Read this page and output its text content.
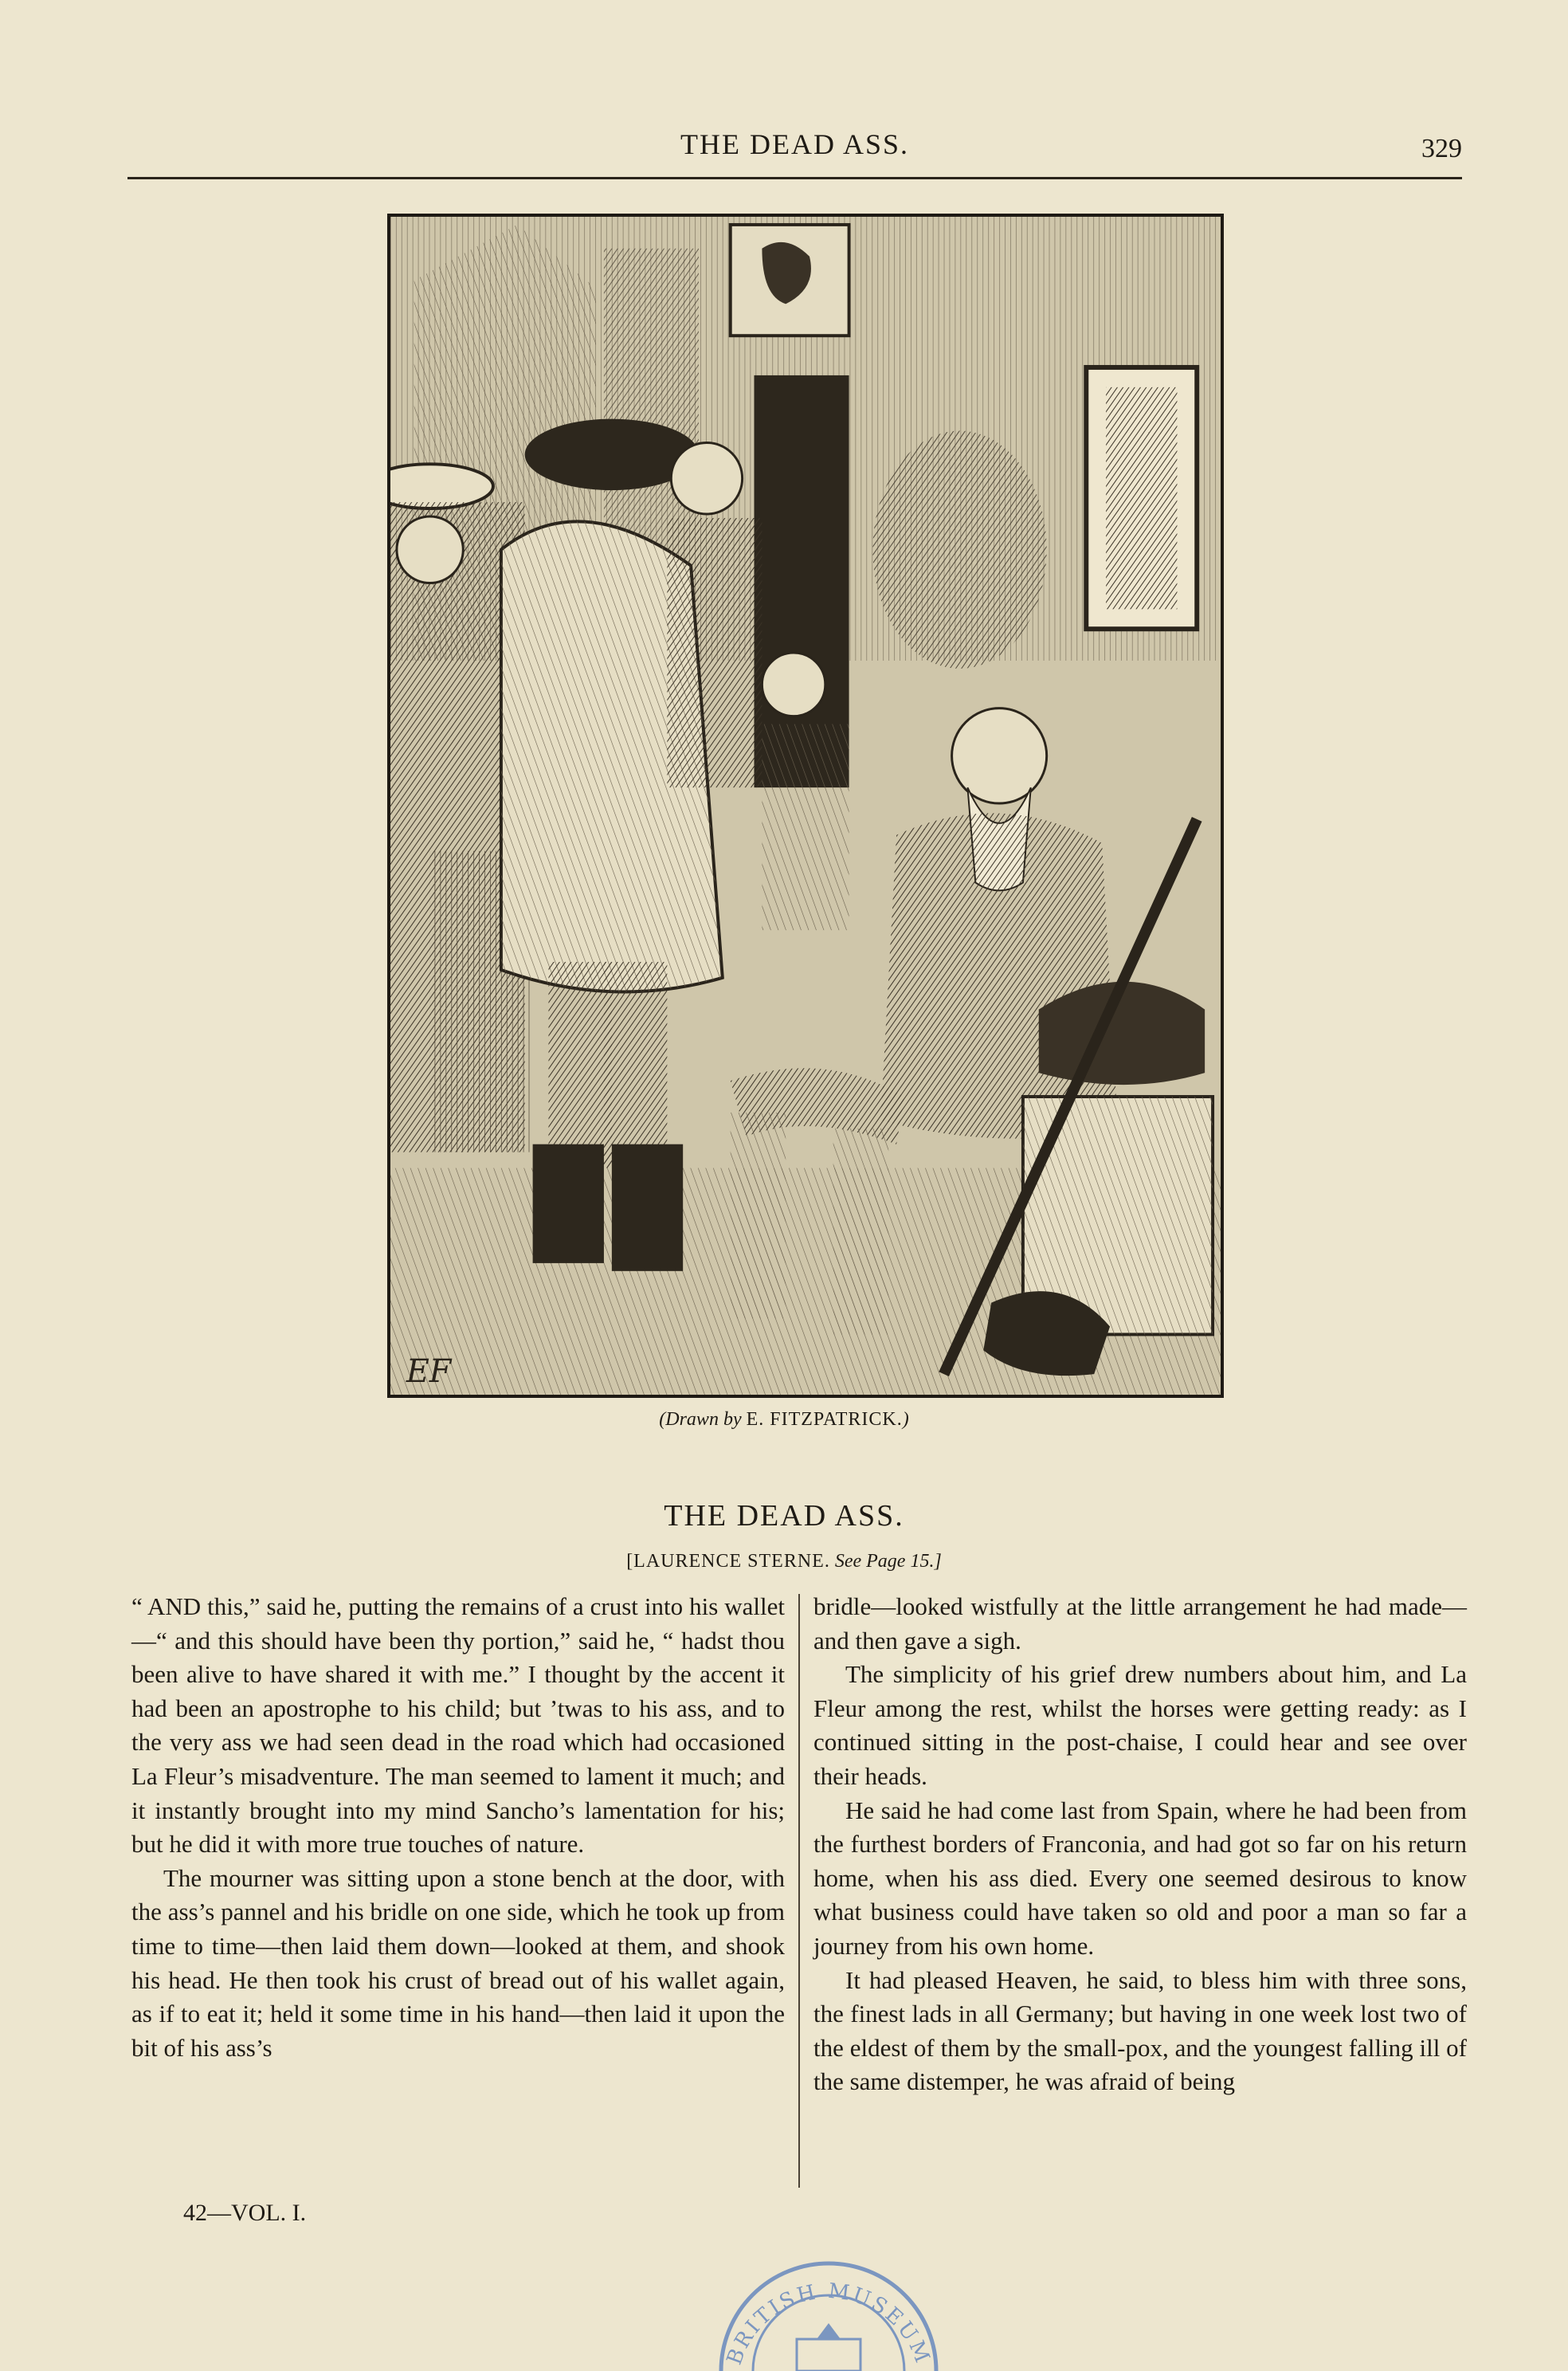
THE DEAD ASS.	329
EF
(Drawn by E. FITZPATRICK.)
THE DEAD ASS.
[LAURENCE STERNE. See Page 15.]

“ AND this,” said he, putting the remains of a crust into his wallet—“ and this should have been thy portion,” said he, “ hadst thou been alive to have shared it with me.” I thought by the accent it had been an apostrophe to his child; but ’twas to his ass, and to the very ass we had seen dead in the road which had occasioned La Fleur’s misadventure. The man seemed to lament it much; and it instantly brought into my mind Sancho’s lamentation for his; but he did it with more true touches of nature.

The mourner was sitting upon a stone bench at the door, with the ass’s pannel and his bridle on one side, which he took up from time to time—then laid them down—looked at them, and shook his head. He then took his crust of bread out of his wallet again, as if to eat it; held it some time in his hand—then laid it upon the bit of his ass’s

bridle—looked wistfully at the little arrangement he had made—and then gave a sigh.

The simplicity of his grief drew numbers about him, and La Fleur among the rest, whilst the horses were getting ready: as I continued sitting in the post-chaise, I could hear and see over their heads.

He said he had come last from Spain, where he had been from the furthest borders of Franconia, and had got so far on his return home, when his ass died. Every one seemed desirous to know what business could have taken so old and poor a man so far a journey from his own home.

It had pleased Heaven, he said, to bless him with three sons, the finest lads in all Germany; but having in one week lost two of the eldest of them by the small-pox, and the youngest falling ill of the same distemper, he was afraid of being

42—VOL. I.
BRITISH MUSEUM
